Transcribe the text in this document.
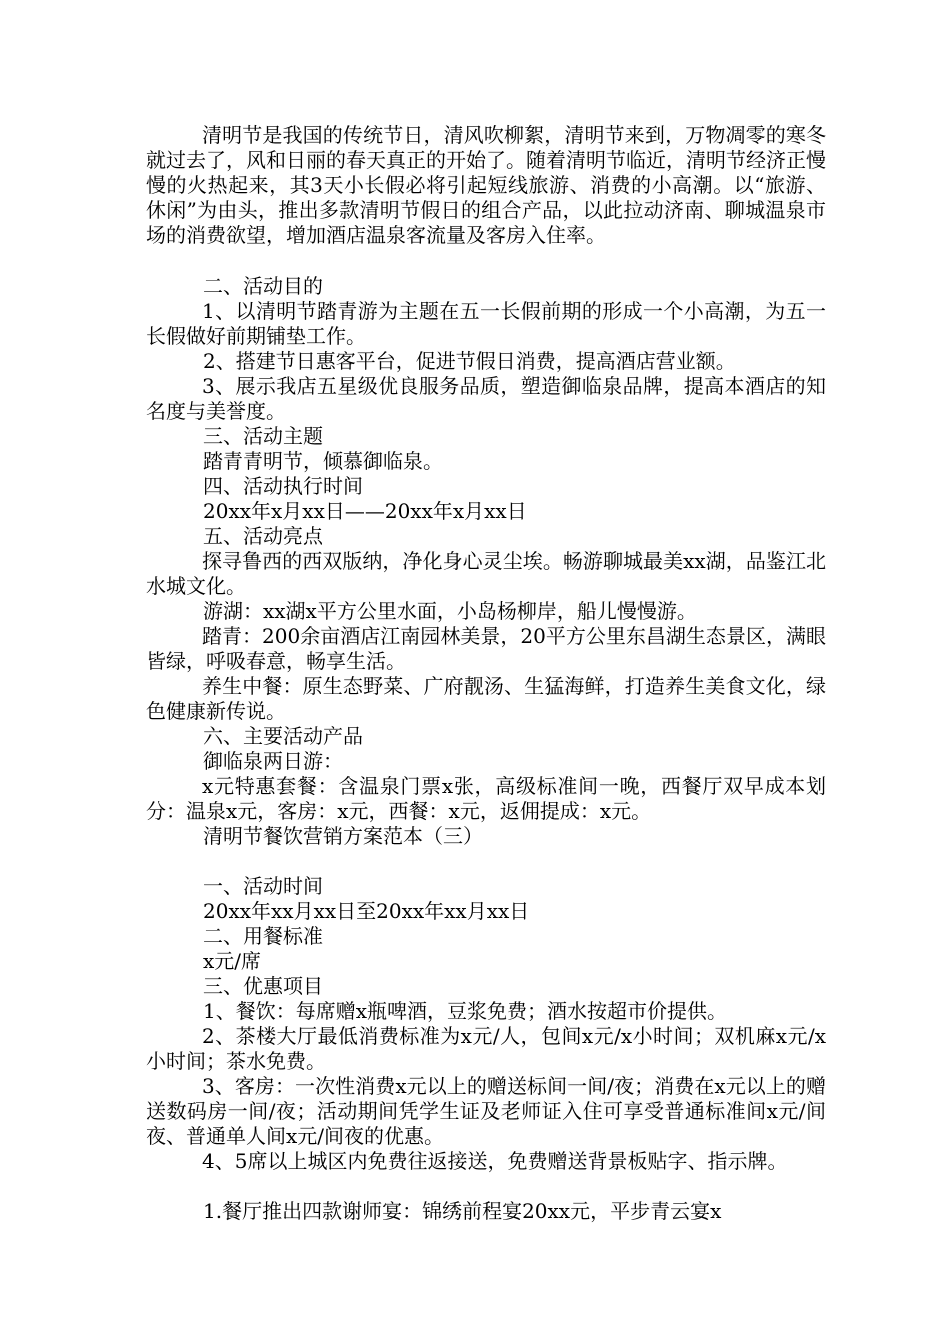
清明节是我国的传统节日，清风吹柳絮，清明节来到，万物凋零的寒冬就过去了，风和日丽的春天真正的开始了。随着清明节临近，清明节经济正慢慢的火热起来，其3天小长假必将引起短线旅游、消费的小高潮。以“旅游、休闲”为由头，推出多款清明节假日的组合产品，以此拉动济南、聊城温泉市场的消费欲望，增加酒店温泉客流量及客房入住率。

二、活动目的

1、以清明节踏青游为主题在五一长假前期的形成一个小高潮，为五一长假做好前期铺垫工作。

2、搭建节日惠客平台，促进节假日消费，提高酒店营业额。

3、展示我店五星级优良服务品质，塑造御临泉品牌，提高本酒店的知名度与美誉度。

三、活动主题

踏青青明节，倾慕御临泉。

四、活动执行时间

20xx年x月xx日——20xx年x月xx日

五、活动亮点

探寻鲁西的西双版纳，净化身心灵尘埃。畅游聊城最美xx湖，品鉴江北水城文化。

游湖：xx湖x平方公里水面，小岛杨柳岸，船儿慢慢游。

踏青：200余亩酒店江南园林美景，20平方公里东昌湖生态景区，满眼皆绿，呼吸春意，畅享生活。

养生中餐：原生态野菜、广府靓汤、生猛海鲜，打造养生美食文化，绿色健康新传说。

六、主要活动产品

御临泉两日游：

x元特惠套餐：含温泉门票x张，高级标准间一晚，西餐厅双早成本划分：温泉x元，客房：x元，西餐：x元，返佣提成：x元。

清明节餐饮营销方案范本（三）

一、活动时间

20xx年xx月xx日至20xx年xx月xx日

二、用餐标准

x元/席

三、优惠项目

1、餐饮：每席赠x瓶啤酒，豆浆免费；酒水按超市价提供。

2、茶楼大厅最低消费标准为x元/人，包间x元/x小时间；双机麻x元/x小时间；茶水免费。

3、客房：一次性消费x元以上的赠送标间一间/夜；消费在x元以上的赠送数码房一间/夜；活动期间凭学生证及老师证入住可享受普通标准间x元/间夜、普通单人间x元/间夜的优惠。

4、5席以上城区内免费往返接送，免费赠送背景板贴字、指示牌。

1.餐厅推出四款谢师宴：锦绣前程宴20xx元，平步青云宴x
